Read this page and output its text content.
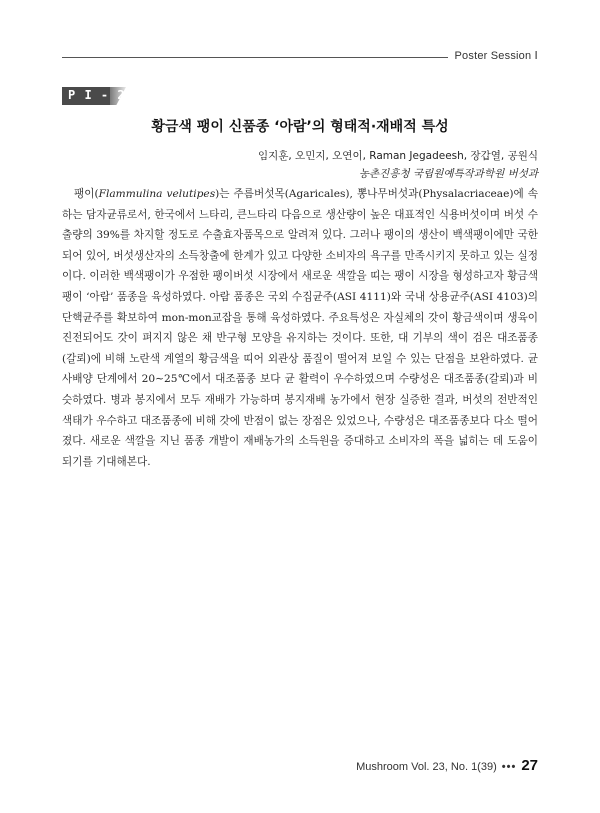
Poster Session Ⅰ
P I - 2
황금색 팽이 신품종 ‘아람’의 형태적·재배적 특성
임지훈, 오민지, 오연이, Raman Jegadeesh, 장갑열, 공원식
농촌진흥청 국립원예특작과학원 버섯과

팽이(Flammulina velutipes)는 주름버섯목(Agaricales), 뽕나무버섯과(Physalacriaceae)에 속하는 담자균류로서, 한국에서 느타리, 큰느타리 다음으로 생산량이 높은 대표적인 식용버섯이며 버섯 수출량의 39%를 차지할 정도로 수출효자품목으로 알려져 있다. 그러나 팽이의 생산이 백색팽이에만 국한되어 있어, 버섯생산자의 소득창출에 한계가 있고 다양한 소비자의 욕구를 만족시키지 못하고 있는 실정이다. 이러한 백색팽이가 우점한 팽이버섯 시장에서 새로운 색깔을 띠는 팽이 시장을 형성하고자 황금색 팽이 ‘아람’ 품종을 육성하였다. 아람 품종은 국외 수집균주(ASI 4111)와 국내 상용균주(ASI 4103)의 단핵균주를 확보하여 mon-mon교잡을 통해 육성하였다. 주요특성은 자실체의 갓이 황금색이며 생육이 진전되어도 갓이 펴지지 않은 채 반구형 모양을 유지하는 것이다. 또한, 대 기부의 색이 검은 대조품종(갈뢰)에 비해 노란색 계열의 황금색을 띠어 외관상 품질이 떨어져 보일 수 있는 단점을 보완하였다. 균사배양 단계에서 20∼25℃에서 대조품종 보다 균 활력이 우수하였으며 수량성은 대조품종(갈뢰)과 비슷하였다. 병과 봉지에서 모두 재배가 가능하며 봉지재배 농가에서 현장 실증한 결과, 버섯의 전반적인 색태가 우수하고 대조품종에 비해 갓에 반점이 없는 장점은 있었으나, 수량성은 대조품종보다 다소 떨어졌다. 새로운 색깔을 지닌 품종 개발이 재배농가의 소득원을 증대하고 소비자의 폭을 넓히는 데 도움이 되기를 기대해본다.

Mushroom Vol. 23, No. 1(39) ••• 27
